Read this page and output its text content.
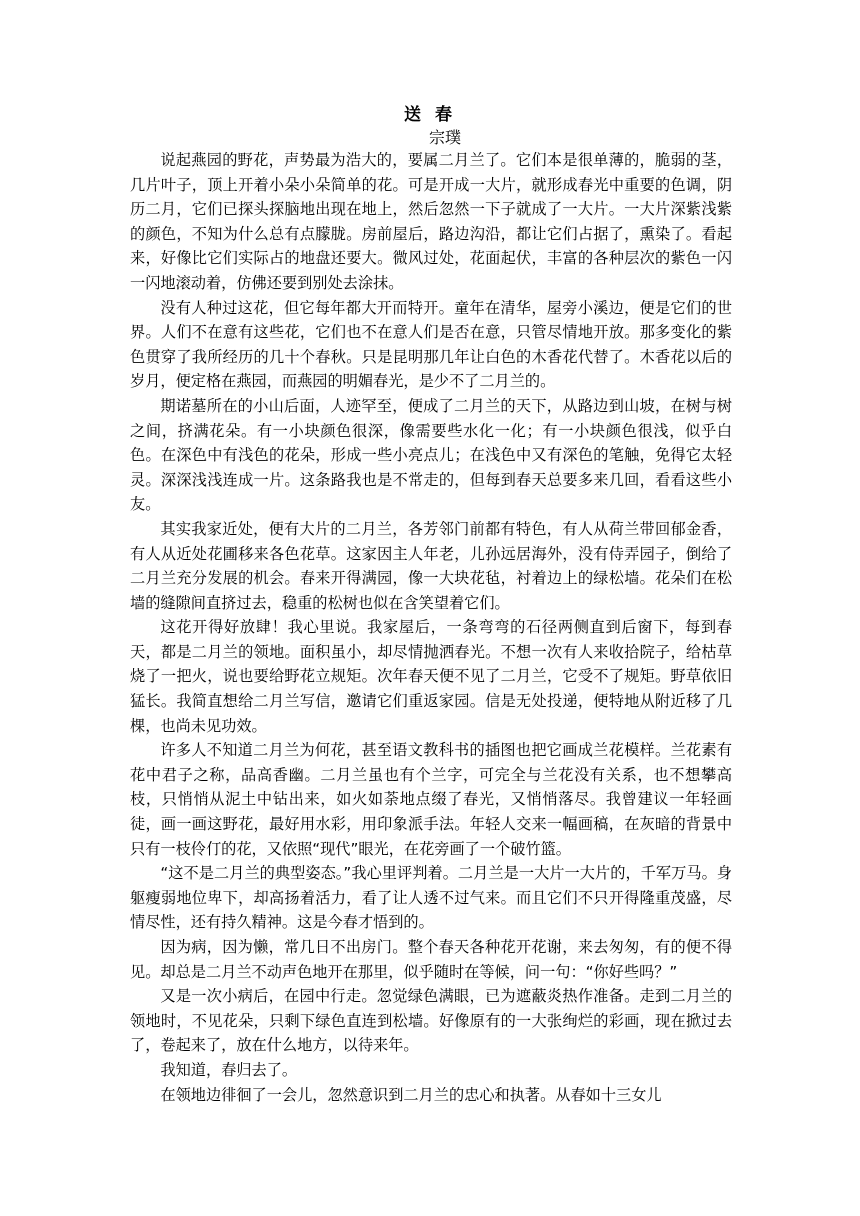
送 春
宗璞

说起燕园的野花，声势最为浩大的，要属二月兰了。它们本是很单薄的，脆弱的茎，几片叶子，顶上开着小朵小朵简单的花。可是开成一大片，就形成春光中重要的色调，阴历二月，它们已探头探脑地出现在地上，然后忽然一下子就成了一大片。一大片深紫浅紫的颜色，不知为什么总有点朦胧。房前屋后，路边沟沿，都让它们占据了，熏染了。看起来，好像比它们实际占的地盘还要大。微风过处，花面起伏，丰富的各种层次的紫色一闪一闪地滚动着，仿佛还要到别处去涂抹。

没有人种过这花，但它每年都大开而特开。童年在清华，屋旁小溪边，便是它们的世界。人们不在意有这些花，它们也不在意人们是否在意，只管尽情地开放。那多变化的紫色贯穿了我所经历的几十个春秋。只是昆明那几年让白色的木香花代替了。木香花以后的岁月，便定格在燕园，而燕园的明媚春光，是少不了二月兰的。

期诺墓所在的小山后面，人迹罕至，便成了二月兰的天下，从路边到山坡，在树与树之间，挤满花朵。有一小块颜色很深，像需要些水化一化；有一小块颜色很浅，似乎白色。在深色中有浅色的花朵，形成一些小亮点儿；在浅色中又有深色的笔触，免得它太轻灵。深深浅浅连成一片。这条路我也是不常走的，但每到春天总要多来几回，看看这些小友。

其实我家近处，便有大片的二月兰，各芳邻门前都有特色，有人从荷兰带回郁金香，有人从近处花圃移来各色花草。这家因主人年老，儿孙远居海外，没有侍弄园子，倒给了二月兰充分发展的机会。春来开得满园，像一大块花毡，衬着边上的绿松墙。花朵们在松墙的缝隙间直挤过去，稳重的松树也似在含笑望着它们。

这花开得好放肆！我心里说。我家屋后，一条弯弯的石径两侧直到后窗下，每到春天，都是二月兰的领地。面积虽小，却尽情抛洒春光。不想一次有人来收拾院子，给枯草烧了一把火，说也要给野花立规矩。次年春天便不见了二月兰，它受不了规矩。野草依旧猛长。我简直想给二月兰写信，邀请它们重返家园。信是无处投递，便特地从附近移了几棵，也尚未见功效。

许多人不知道二月兰为何花，甚至语文教科书的插图也把它画成兰花模样。兰花素有花中君子之称，品高香幽。二月兰虽也有个兰字，可完全与兰花没有关系，也不想攀高枝，只悄悄从泥土中钻出来，如火如荼地点缀了春光，又悄悄落尽。我曾建议一年轻画徒，画一画这野花，最好用水彩，用印象派手法。年轻人交来一幅画稿，在灰暗的背景中只有一枝伶仃的花，又依照“现代”眼光，在花旁画了一个破竹篮。

“这不是二月兰的典型姿态。”我心里评判着。二月兰是一大片一大片的，千军万马。身躯瘦弱地位卑下，却高扬着活力，看了让人透不过气来。而且它们不只开得隆重茂盛，尽情尽性，还有持久精神。这是今春才悟到的。

因为病，因为懒，常几日不出房门。整个春天各种花开花谢，来去匆匆，有的便不得见。却总是二月兰不动声色地开在那里，似乎随时在等候，问一句：“你好些吗？”

又是一次小病后，在园中行走。忽觉绿色满眼，已为遮蔽炎热作准备。走到二月兰的领地时，不见花朵，只剩下绿色直连到松墙。好像原有的一大张绚烂的彩画，现在掀过去了，卷起来了，放在什么地方，以待来年。

我知道，春归去了。

在领地边徘徊了一会儿，忽然意识到二月兰的忠心和执著。从春如十三女儿
